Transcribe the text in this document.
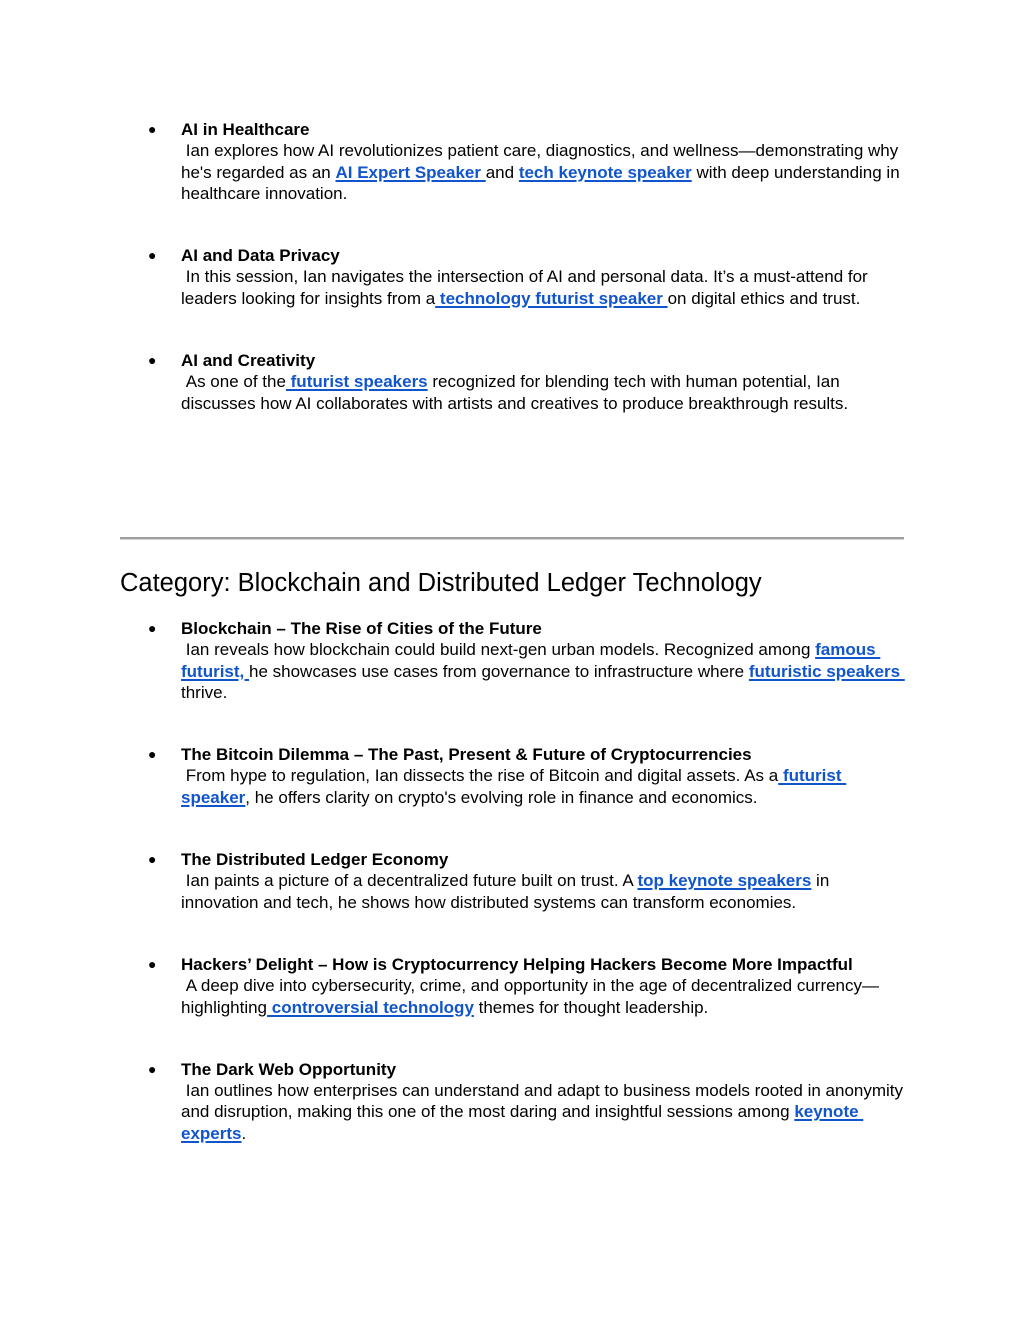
● AI in Healthcare
Ian explores how AI revolutionizes patient care, diagnostics, and wellness—demonstrating why he's regarded as an AI Expert Speaker and tech keynote speaker with deep understanding in healthcare innovation.
● AI and Data Privacy
In this session, Ian navigates the intersection of AI and personal data. It’s a must-attend for leaders looking for insights from a technology futurist speaker on digital ethics and trust.
● AI and Creativity
As one of the futurist speakers recognized for blending tech with human potential, Ian discusses how AI collaborates with artists and creatives to produce breakthrough results.
Category: Blockchain and Distributed Ledger Technology
● Blockchain – The Rise of Cities of the Future
Ian reveals how blockchain could build next-gen urban models. Recognized among famous futurist, he showcases use cases from governance to infrastructure where futuristic speakers thrive.
● The Bitcoin Dilemma – The Past, Present & Future of Cryptocurrencies
From hype to regulation, Ian dissects the rise of Bitcoin and digital assets. As a futurist speaker, he offers clarity on crypto's evolving role in finance and economics.
● The Distributed Ledger Economy
Ian paints a picture of a decentralized future built on trust. A top keynote speakers in innovation and tech, he shows how distributed systems can transform economies.
● Hackers’ Delight – How is Cryptocurrency Helping Hackers Become More Impactful
A deep dive into cybersecurity, crime, and opportunity in the age of decentralized currency—highlighting controversial technology themes for thought leadership.
● The Dark Web Opportunity
Ian outlines how enterprises can understand and adapt to business models rooted in anonymity and disruption, making this one of the most daring and insightful sessions among keynote experts.
